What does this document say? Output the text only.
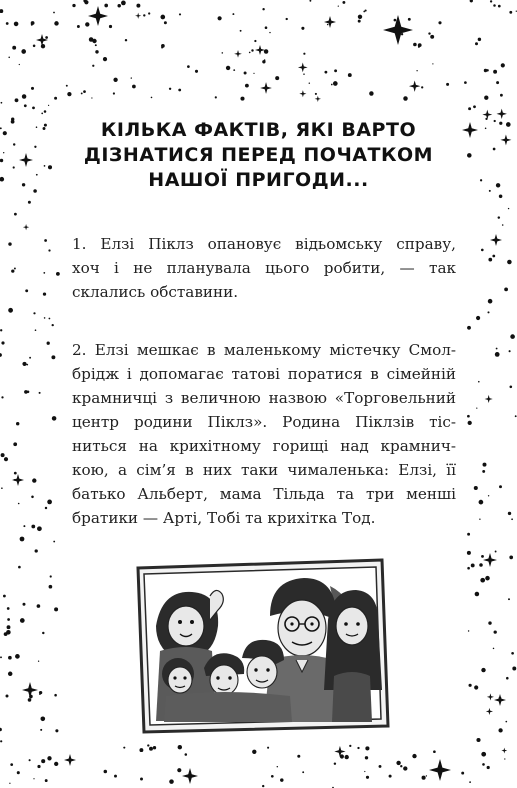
КІЛЬКА ФАКТІВ, ЯКІ ВАРТО
ДІЗНАТИСЯ ПЕРЕД ПОЧАТКОМ
НАШОЇ ПРИГОДИ...
1. Елзі Піклз опановує відьомську справу,
хоч і не планувала цього робити, — так
склались обставини.
2. Елзі мешкає в маленькому містечку Смол-
брідж і допомагає татові поратися в сімейній
крамничці з величною назвою «Торговельний
центр родини Піклз». Родина Піклзів тіс-
ниться на крихітному горищі над крамнич-
кою, а сім’я в них таки чималенька: Елзі, її
батько Альберт, мама Тільда та три менші
братики — Арті, Тобі та крихітка Тод.
